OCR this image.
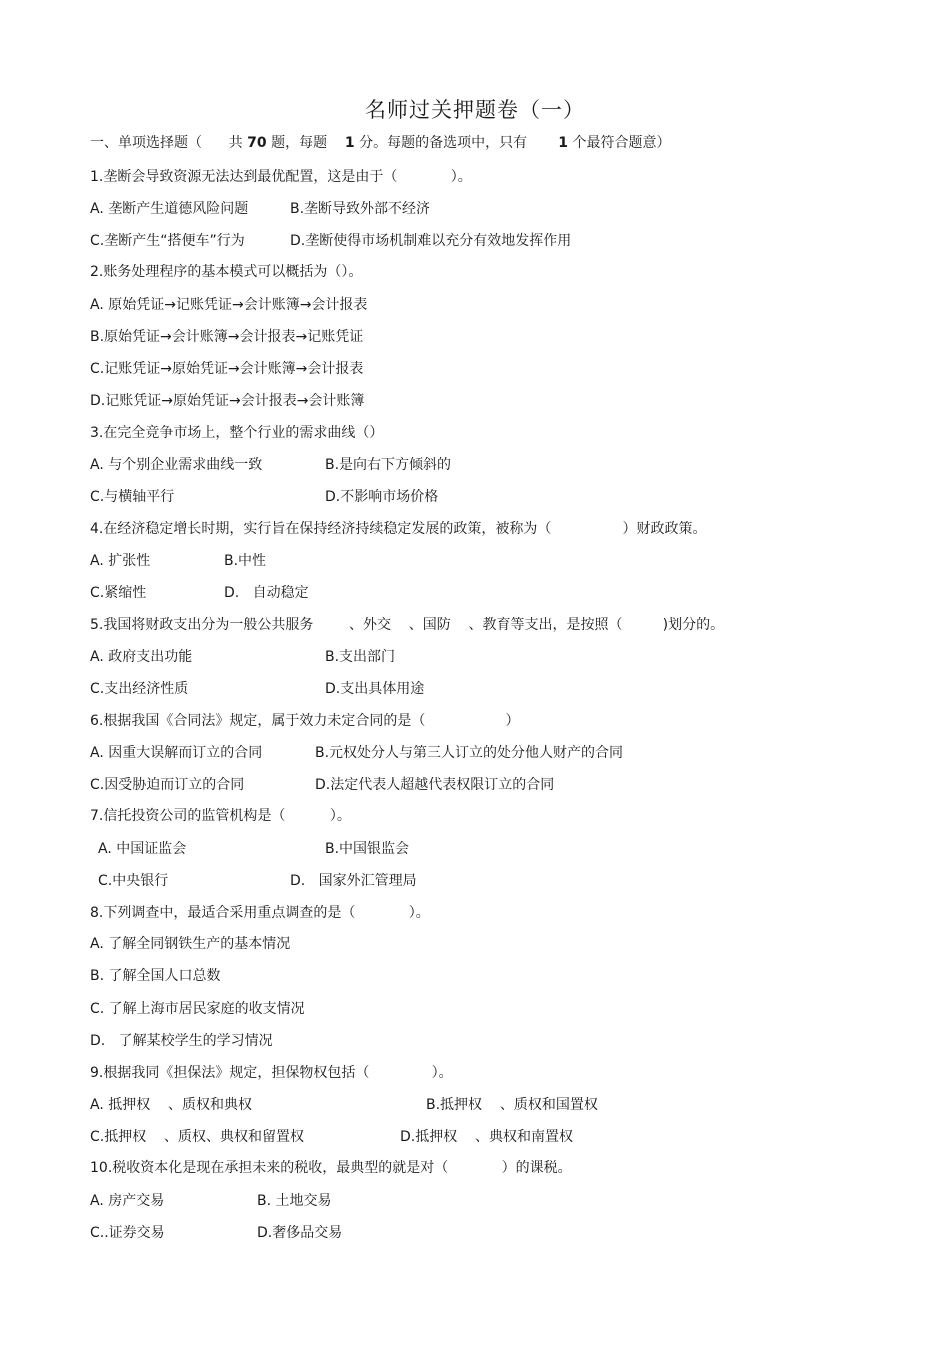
名师过关押题卷（一）
一、单项选择题（      共 70 题，每题    1 分。每题的备选项中，只有       1 个最符合题意）
1.垄断会导致资源无法达到最优配置，这是由于（            ）。

A. 垄断产生道德风险问题

	B.垄断导致外部不经济

C.垄断产生“搭便车”行为

	D.垄断使得市场机制难以充分有效地发挥作用

2.账务处理程序的基本模式可以概括为（）。
A. 原始凭证→记账凭证→会计账簿→会计报表
B.原始凭证→会计账簿→会计报表→记账凭证
C.记账凭证→原始凭证→会计账簿→会计报表
D.记账凭证→原始凭证→会计报表→会计账簿
3.在完全竞争市场上，整个行业的需求曲线（）

A. 与个别企业需求曲线一致

	B.是向右下方倾斜的

C.与横轴平行

	D.不影响市场价格

4.在经济稳定增长时期，实行旨在保持经济持续稳定发展的政策，被称为（                ）财政政策。

A. 扩张性

	B.中性

C.紧缩性

	D.   自动稳定

5.我国将财政支出分为一般公共服务        、外交    、国防    、教育等支出，是按照（         )划分的。

A. 政府支出功能

	B.支出部门

C.支出经济性质

	D.支出具体用途

6.根据我国《合同法》规定，属于效力未定合同的是（                  ）

A. 因重大误解而订立的合同

	B.元权处分人与第三人订立的处分他人财产的合同

C.因受胁迫而订立的合同

	D.法定代表人超越代表权限订立的合同

7.信托投资公司的监管机构是（          ）。

A. 中国证监会

	B.中国银监会

C.中央银行

	D.   国家外汇管理局

8.下列调查中，最适合采用重点调查的是（            ）。
A. 了解全同钢铁生产的基本情况
B. 了解全国人口总数
C. 了解上海市居民家庭的收支情况
D.   了解某校学生的学习情况
9.根据我同《担保法》规定，担保物权包括（              ）。

A. 抵押权    、质权和典权

	B.抵押权    、质权和国置权

C.抵押权    、质权、典权和留置权

	D.抵押权    、典权和南置权

10.税收资本化是现在承担未来的税收，最典型的就是对（            ）的课税。

A. 房产交易

	B. 土地交易

C..证券交易

	D.奢侈品交易
